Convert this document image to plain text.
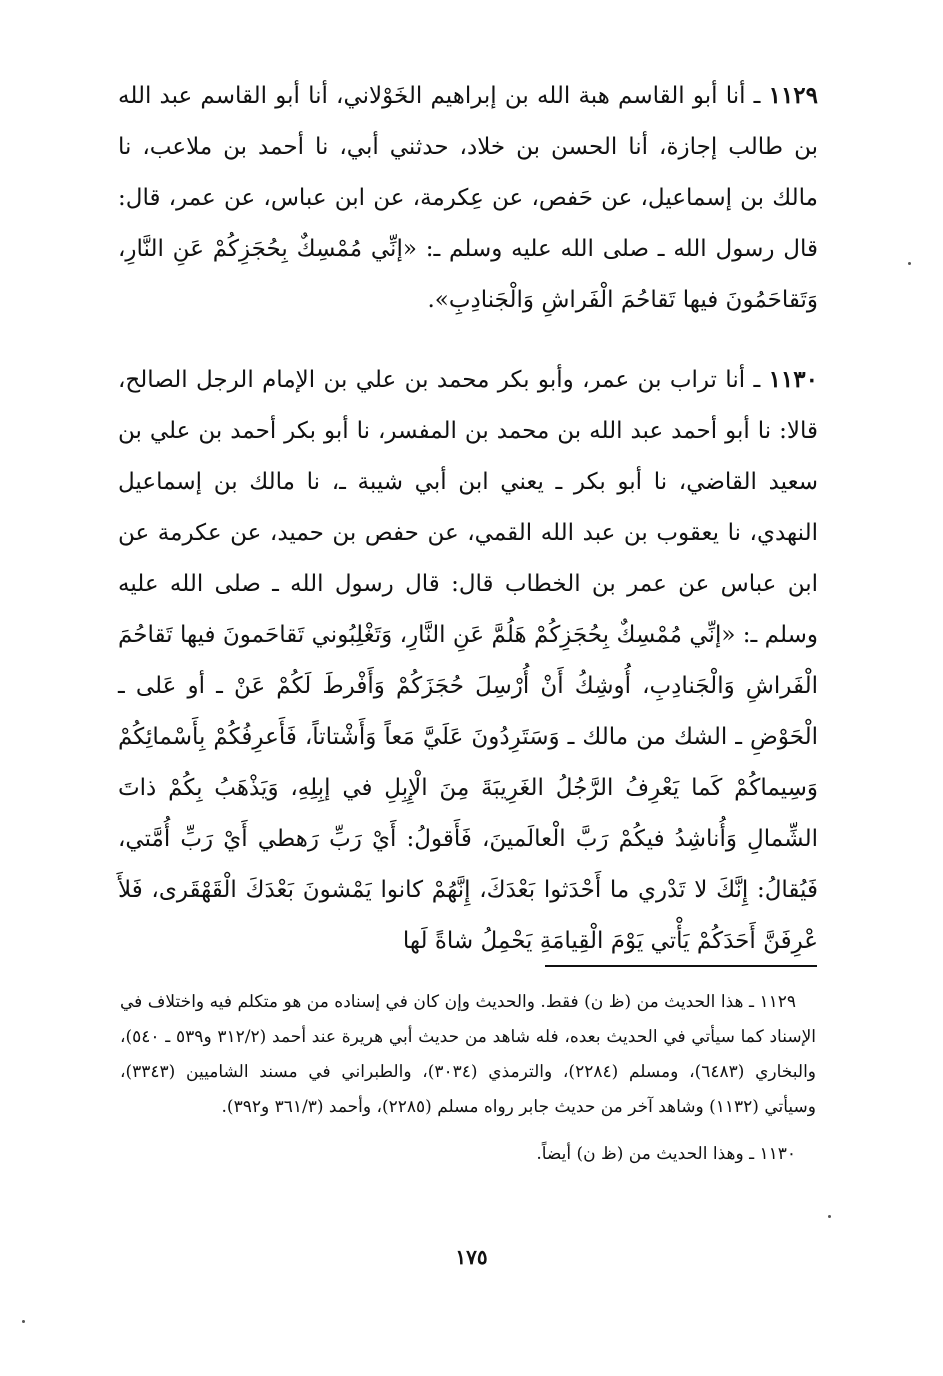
١١٢٩ ـ أنا أبو القاسم هبة الله بن إبراهيم الخَوْلاني، أنا أبو القاسم عبد الله بن طالب إجازة، أنا الحسن بن خلاد، حدثني أبي، نا أحمد بن ملاعب، نا مالك بن إسماعيل، عن حَفص، عن عِكرمة، عن ابن عباس، عن عمر، قال: قال رسول الله ـ صلى الله عليه وسلم ـ: «إنِّي مُمْسِكٌ بِحُجَزِكُمْ عَنِ النَّارِ، وَتَقاحَمُونَ فيها تَقاحُمَ الْفَراشِ وَالْجَنادِبِ».

١١٣٠ ـ أنا تراب بن عمر، وأبو بكر محمد بن علي بن الإمام الرجل الصالح، قالا: نا أبو أحمد عبد الله بن محمد بن المفسر، نا أبو بكر أحمد بن علي بن سعيد القاضي، نا أبو بكر ـ يعني ابن أبي شيبة ـ، نا مالك بن إسماعيل النهدي، نا يعقوب بن عبد الله القمي، عن حفص بن حميد، عن عكرمة عن ابن عباس عن عمر بن الخطاب قال: قال رسول الله ـ صلى الله عليه وسلم ـ: «إنِّي مُمْسِكٌ بِحُجَزِكُمْ هَلُمَّ عَنِ النَّارِ، وَتَغْلِبُوني تَقاحَمونَ فيها تَقاحُمَ الْفَراشِ وَالْجَنادِبِ، أُوشِكُ أَنْ أُرْسِلَ حُجَزَكُمْ وَأَفْرطَ لَكُمْ عَنْ ـ أو عَلى ـ الْحَوْضِ ـ الشك من مالك ـ وَسَتَرِدُونَ عَلَيَّ مَعاً وَأَشْتاتاً، فَأَعرِفُكُمْ بِأَسْمائِكُمْ وَسِيماكُمْ كَما يَعْرِفُ الرَّجُلُ الغَرِيبَةَ مِنَ الْإِبِلِ في إبِلِهِ، وَيَذْهَبُ بِكُمْ ذاتَ الشِّمالِ وَأُناشِدُ فيكُمْ رَبَّ الْعالَمينَ، فَأَقولُ: أَيْ رَبِّ رَهطي أَيْ رَبِّ أُمَّتي، فَيُقالُ: إِنَّكَ لا تَدْري ما أَحْدَثوا بَعْدَكَ، إِنَّهُمْ كانوا يَمْشونَ بَعْدَكَ الْقَهْقَرى، فَلأَ عْرِفَنَّ أَحَدَكُمْ يَأْتي يَوْمَ الْقِيامَةِ يَحْمِلُ شاةً لَها

١١٢٩ ـ هذا الحديث من (ظ ن) فقط. والحديث وإن كان في إسناده من هو متكلم فيه واختلاف في الإسناد كما سيأتي في الحديث بعده، فله شاهد من حديث أبي هريرة عند أحمد (٣١٢/٢ و٥٣٩ ـ ٥٤٠)، والبخاري (٦٤٨٣)، ومسلم (٢٢٨٤)، والترمذي (٣٠٣٤)، والطبراني في مسند الشاميين (٣٣٤٣)، وسيأتي (١١٣٢) وشاهد آخر من حديث جابر رواه مسلم (٢٢٨٥)، وأحمد (٣٦١/٣ و٣٩٢).

١١٣٠ ـ وهذا الحديث من (ظ ن) أيضاً.

١٧٥
